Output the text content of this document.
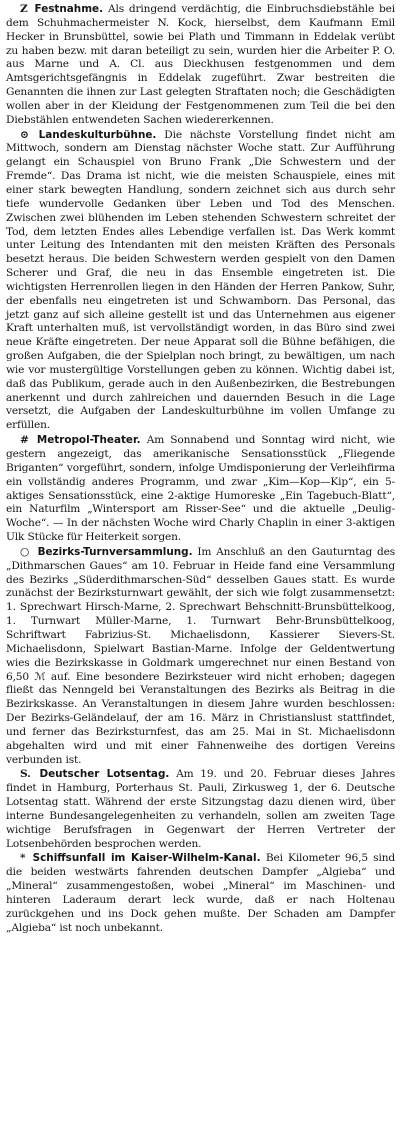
Z Festnahme. Als dringend verdächtig, die Einbruchsdiebstähle bei dem Schuhmachermeister N. Kock, hierselbst, dem Kaufmann Emil Hecker in Brunsbüttel, sowie bei Plath und Timmann in Eddelak verübt zu haben bezw. mit daran beteiligt zu sein, wurden hier die Arbeiter P. O. aus Marne und A. Cl. aus Dieckhusen festgenommen und dem Amtsgerichtsgefängnis in Eddelak zugeführt. Zwar bestreiten die Genannten die ihnen zur Last gelegten Straftaten noch; die Geschädigten wollen aber in der Kleidung der Festgenommenen zum Teil die bei den Diebstählen entwendeten Sachen wiedererkennen.

⊙ Landeskulturbühne. Die nächste Vorstellung findet nicht am Mittwoch, sondern am Dienstag nächster Woche statt. Zur Aufführung gelangt ein Schauspiel von Bruno Frank „Die Schwestern und der Fremde“. Das Drama ist nicht, wie die meisten Schauspiele, eines mit einer stark bewegten Handlung, sondern zeichnet sich aus durch sehr tiefe wundervolle Gedanken über Leben und Tod des Menschen. Zwischen zwei blühenden im Leben stehenden Schwestern schreitet der Tod, dem letzten Endes alles Lebendige verfallen ist. Das Werk kommt unter Leitung des Intendanten mit den meisten Kräften des Personals besetzt heraus. Die beiden Schwestern werden gespielt von den Damen Scherer und Graf, die neu in das Ensemble eingetreten ist. Die wichtigsten Herrenrollen liegen in den Händen der Herren Pankow, Suhr, der ebenfalls neu eingetreten ist und Schwamborn. Das Personal, das jetzt ganz auf sich alleine gestellt ist und das Unternehmen aus eigener Kraft unterhalten muß, ist vervollständigt worden, in das Büro sind zwei neue Kräfte eingetreten. Der neue Apparat soll die Bühne befähigen, die großen Aufgaben, die der Spielplan noch bringt, zu bewältigen, um nach wie vor mustergültige Vorstellungen geben zu können. Wichtig dabei ist, daß das Publikum, gerade auch in den Außenbezirken, die Bestrebungen anerkennt und durch zahlreichen und dauernden Besuch in die Lage versetzt, die Aufgaben der Landeskulturbühne im vollen Umfange zu erfüllen.

# Metropol-Theater. Am Sonnabend und Sonntag wird nicht, wie gestern angezeigt, das amerikanische Sensationsstück „Fliegende Briganten“ vorgeführt, sondern, infolge Umdisponierung der Verleihfirma ein vollständig anderes Programm, und zwar „Kim—Kop—Kip“, ein 5-aktiges Sensationsstück, eine 2-aktige Humoreske „Ein Tagebuch-Blatt“, ein Naturfilm „Wintersport am Risser-See“ und die aktuelle „Deulig-Woche“. — In der nächsten Woche wird Charly Chaplin in einer 3-aktigen Ulk Stücke für Heiterkeit sorgen.

○ Bezirks-Turnversammlung. Im Anschluß an den Gauturntag des „Dithmarschen Gaues“ am 10. Februar in Heide fand eine Versammlung des Bezirks „Süderdithmarschen-Süd“ desselben Gaues statt. Es wurde zunächst der Bezirksturnwart gewählt, der sich wie folgt zusammensetzt: 1. Sprechwart Hirsch-Marne, 2. Sprechwart Behschnitt-Brunsbüttelkoog, 1. Turnwart Müller-Marne, 1. Turnwart Behr-Brunsbüttelkoog, Schriftwart Fabrizius-St. Michaelisdonn, Kassierer Sievers-St. Michaelisdonn, Spielwart Bastian-Marne. Infolge der Geldentwertung wies die Bezirkskasse in Goldmark umgerechnet nur einen Bestand von 6,50 ℳ auf. Eine besondere Bezirksteuer wird nicht erhoben; dagegen fließt das Nenngeld bei Veranstaltungen des Bezirks als Beitrag in die Bezirkskasse. An Veranstaltungen in diesem Jahre wurden beschlossen: Der Bezirks-Geländelauf, der am 16. März in Christianslust stattfindet, und ferner das Bezirksturnfest, das am 25. Mai in St. Michaelisdonn abgehalten wird und mit einer Fahnenweihe des dortigen Vereins verbunden ist.

S. Deutscher Lotsentag. Am 19. und 20. Februar dieses Jahres findet in Hamburg, Porterhaus St. Pauli, Zirkusweg 1, der 6. Deutsche Lotsentag statt. Während der erste Sitzungstag dazu dienen wird, über interne Bundesangelegenheiten zu verhandeln, sollen am zweiten Tage wichtige Berufsfragen in Gegenwart der Herren Vertreter der Lotsenbehörden besprochen werden.

* Schiffsunfall im Kaiser-Wilhelm-Kanal. Bei Kilometer 96,5 sind die beiden westwärts fahrenden deutschen Dampfer „Algieba“ und „Mineral“ zusammengestoßen, wobei „Mineral“ im Maschinen- und hinteren Laderaum derart leck wurde, daß er nach Holtenau zurückgehen und ins Dock gehen mußte. Der Schaden am Dampfer „Algieba“ ist noch unbekannt.
